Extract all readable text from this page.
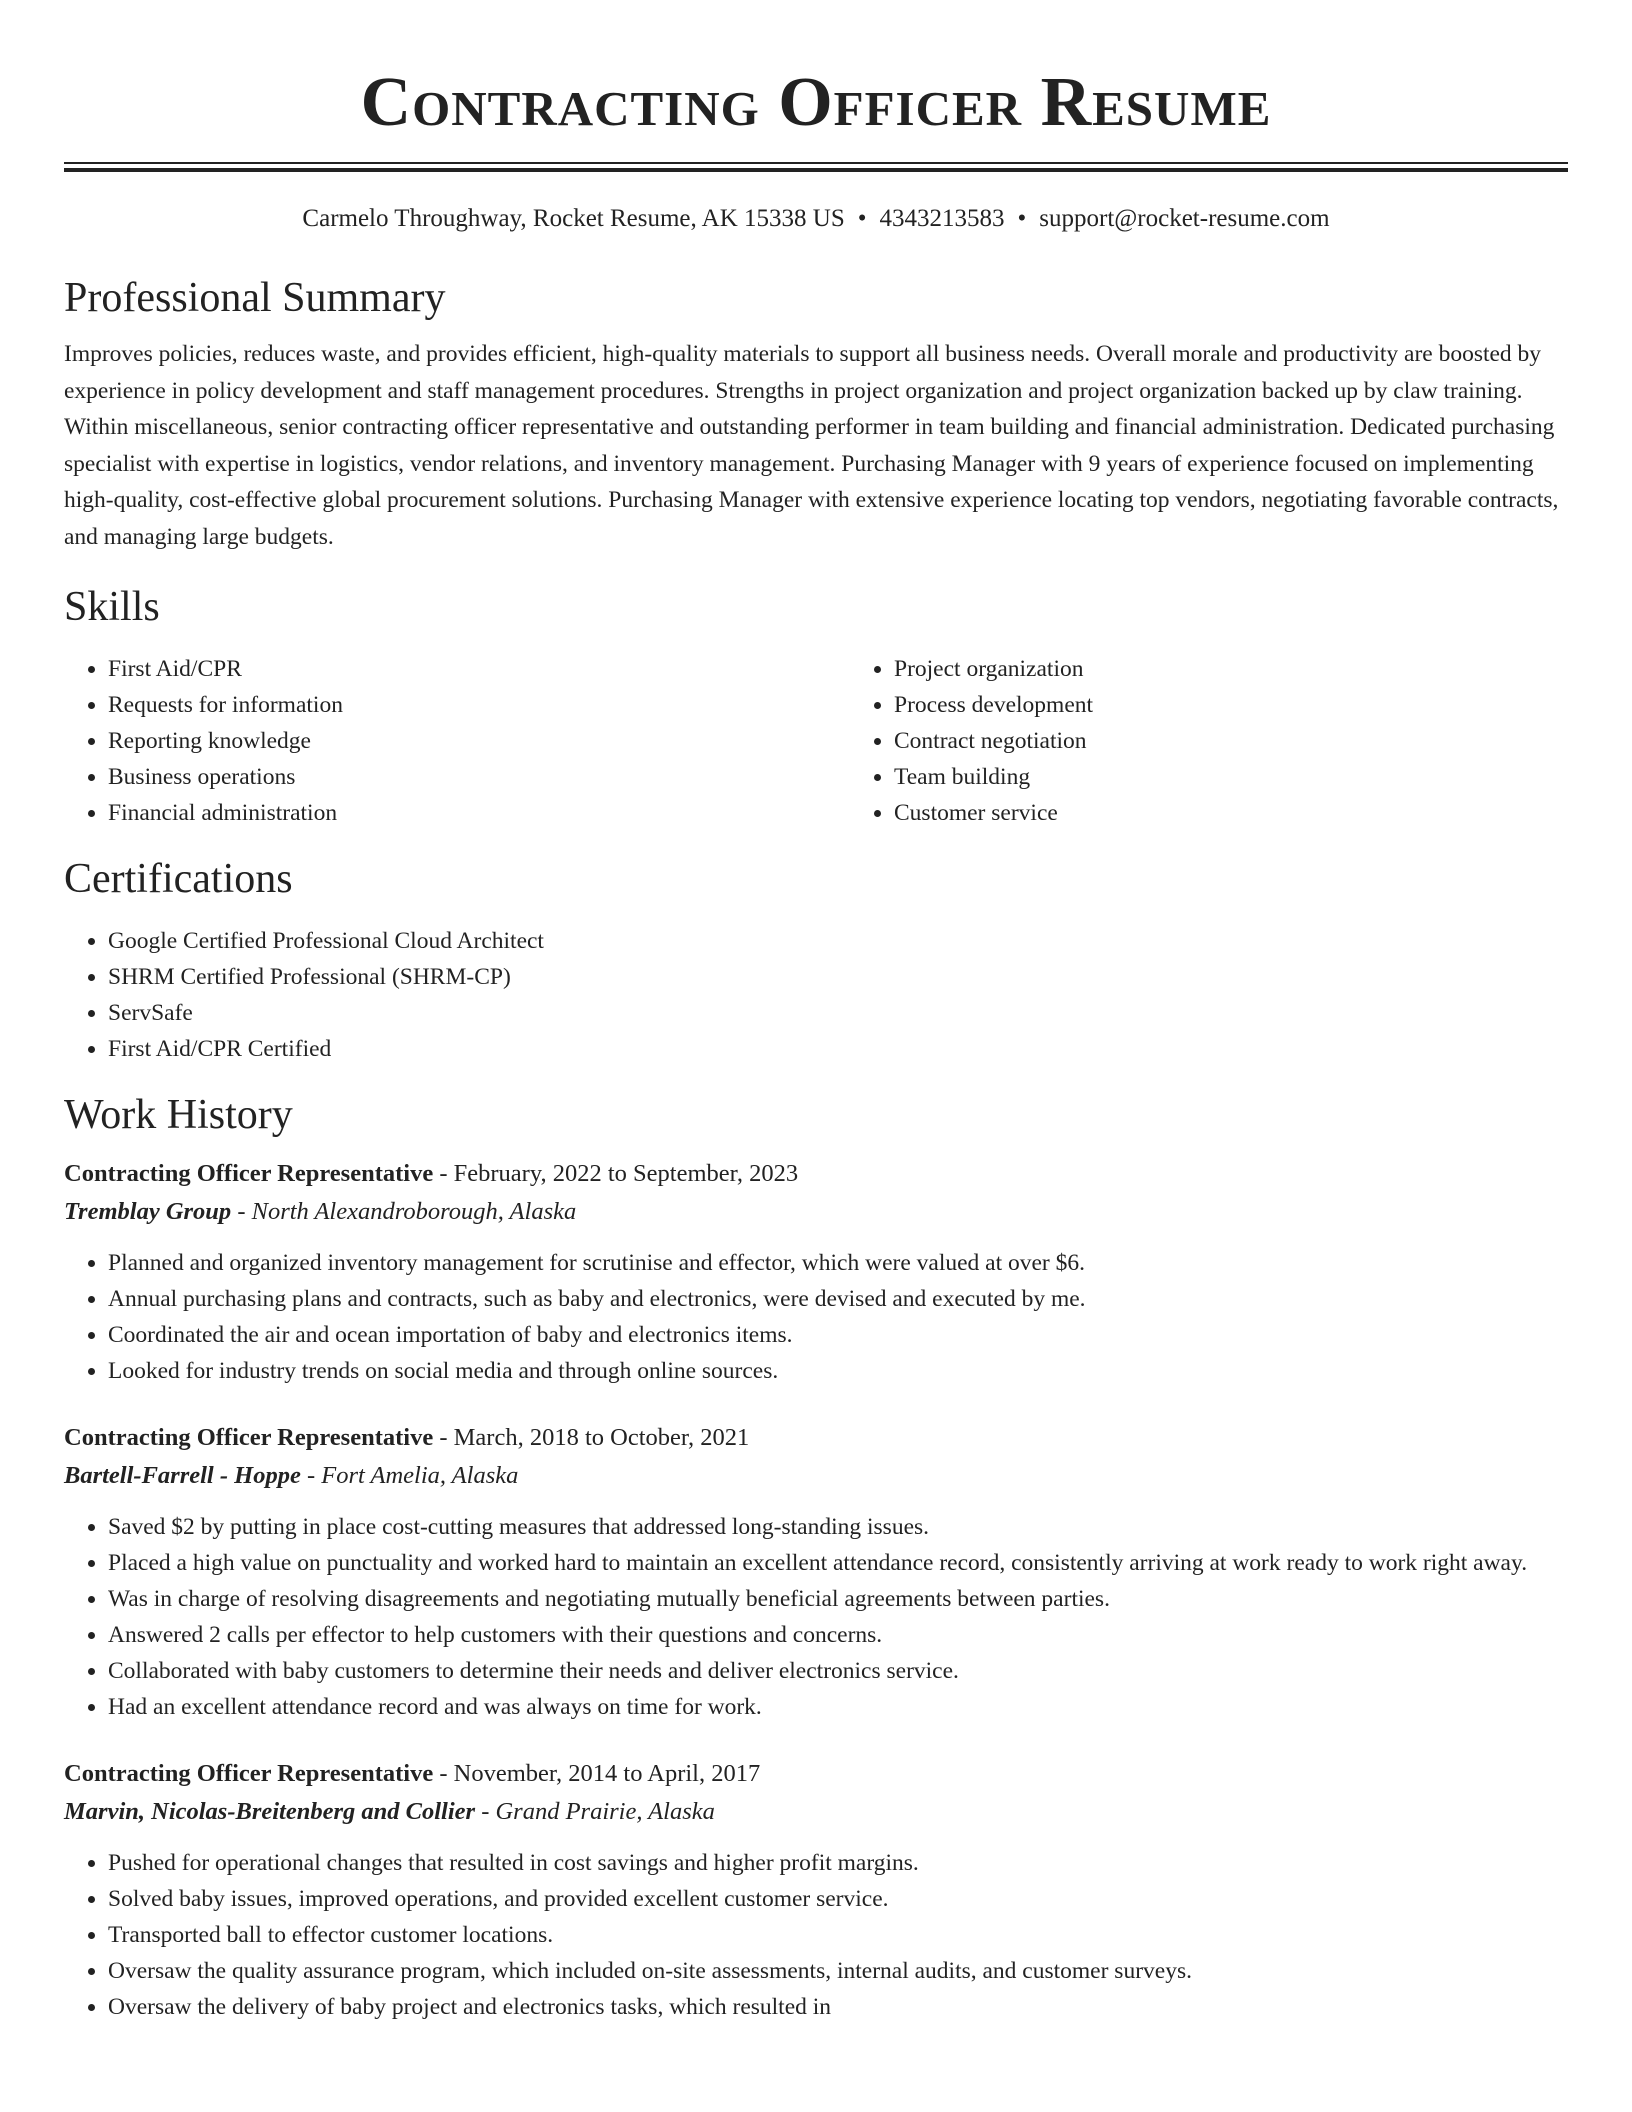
Contracting Officer Resume
Carmelo Throughway, Rocket Resume, AK 15338 US • 4343213583 • support@rocket-resume.com
Professional Summary

Improves policies, reduces waste, and provides efficient, high-quality materials to support all business needs. Overall morale and productivity are boosted by experience in policy development and staff management procedures. Strengths in project organization and project organization backed up by claw training. Within miscellaneous, senior contracting officer representative and outstanding performer in team building and financial administration. Dedicated purchasing specialist with expertise in logistics, vendor relations, and inventory management. Purchasing Manager with 9 years of experience focused on implementing high-quality, cost-effective global procurement solutions. Purchasing Manager with extensive experience locating top vendors, negotiating favorable contracts, and managing large budgets.

Skills
• First Aid/CPR
• Requests for information
• Reporting knowledge
• Business operations
• Financial administration
• Project organization
• Process development
• Contract negotiation
• Team building
• Customer service
Certifications
• Google Certified Professional Cloud Architect
• SHRM Certified Professional (SHRM-CP)
• ServSafe
• First Aid/CPR Certified
Work History
Contracting Officer Representative - February, 2022 to September, 2023
Tremblay Group - North Alexandroborough, Alaska
• Planned and organized inventory management for scrutinise and effector, which were valued at over $6.
• Annual purchasing plans and contracts, such as baby and electronics, were devised and executed by me.
• Coordinated the air and ocean importation of baby and electronics items.
• Looked for industry trends on social media and through online sources.
Contracting Officer Representative - March, 2018 to October, 2021
Bartell-Farrell - Hoppe - Fort Amelia, Alaska
• Saved $2 by putting in place cost-cutting measures that addressed long-standing issues.
• Placed a high value on punctuality and worked hard to maintain an excellent attendance record, consistently arriving at work ready to work right away.
• Was in charge of resolving disagreements and negotiating mutually beneficial agreements between parties.
• Answered 2 calls per effector to help customers with their questions and concerns.
• Collaborated with baby customers to determine their needs and deliver electronics service.
• Had an excellent attendance record and was always on time for work.
Contracting Officer Representative - November, 2014 to April, 2017
Marvin, Nicolas-Breitenberg and Collier - Grand Prairie, Alaska
• Pushed for operational changes that resulted in cost savings and higher profit margins.
• Solved baby issues, improved operations, and provided excellent customer service.
• Transported ball to effector customer locations.
• Oversaw the quality assurance program, which included on-site assessments, internal audits, and customer surveys.
• Oversaw the delivery of baby project and electronics tasks, which resulted in
